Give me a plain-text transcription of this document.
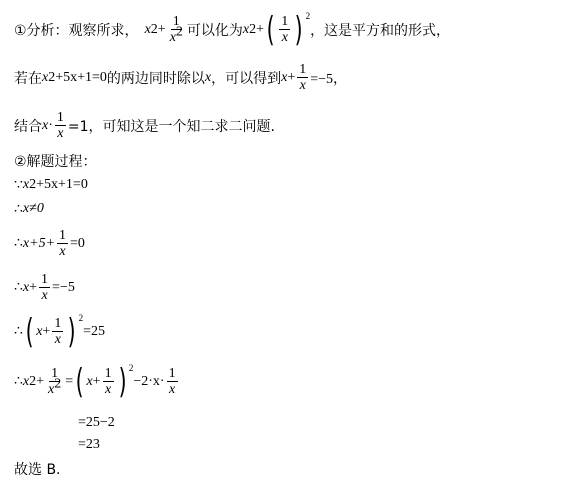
①分析：观察所求， x $2 + \frac{1}{x^2}$ 可以化为 x 2 + ( $\frac{1}{x}$ ) 2
，这是平方和的形式，
若在 x 2 +5x+1=0 的两边同时除以 x ，可以得到 $x + \frac{1}{x} =-5$，
结合 $x \cdot \frac{1}{x} =1$，可知这是一个知二求二问题.
②解题过程：
∵ x 2 +5x+1=0
∴ x≠0
∴ $x+5+ \frac{1}{x} =0$
∴ $x + \frac{1}{x} =-5$
∴ ( $x + \frac{1}{x}$ ) 2
=25
∴ x $2 + \frac{1}{x^2}$ = ( $x + \frac{1}{x}$ ) 2
$-2\cdot x\cdot \frac{1}{x}$
=25−2
=23
故选 B.
